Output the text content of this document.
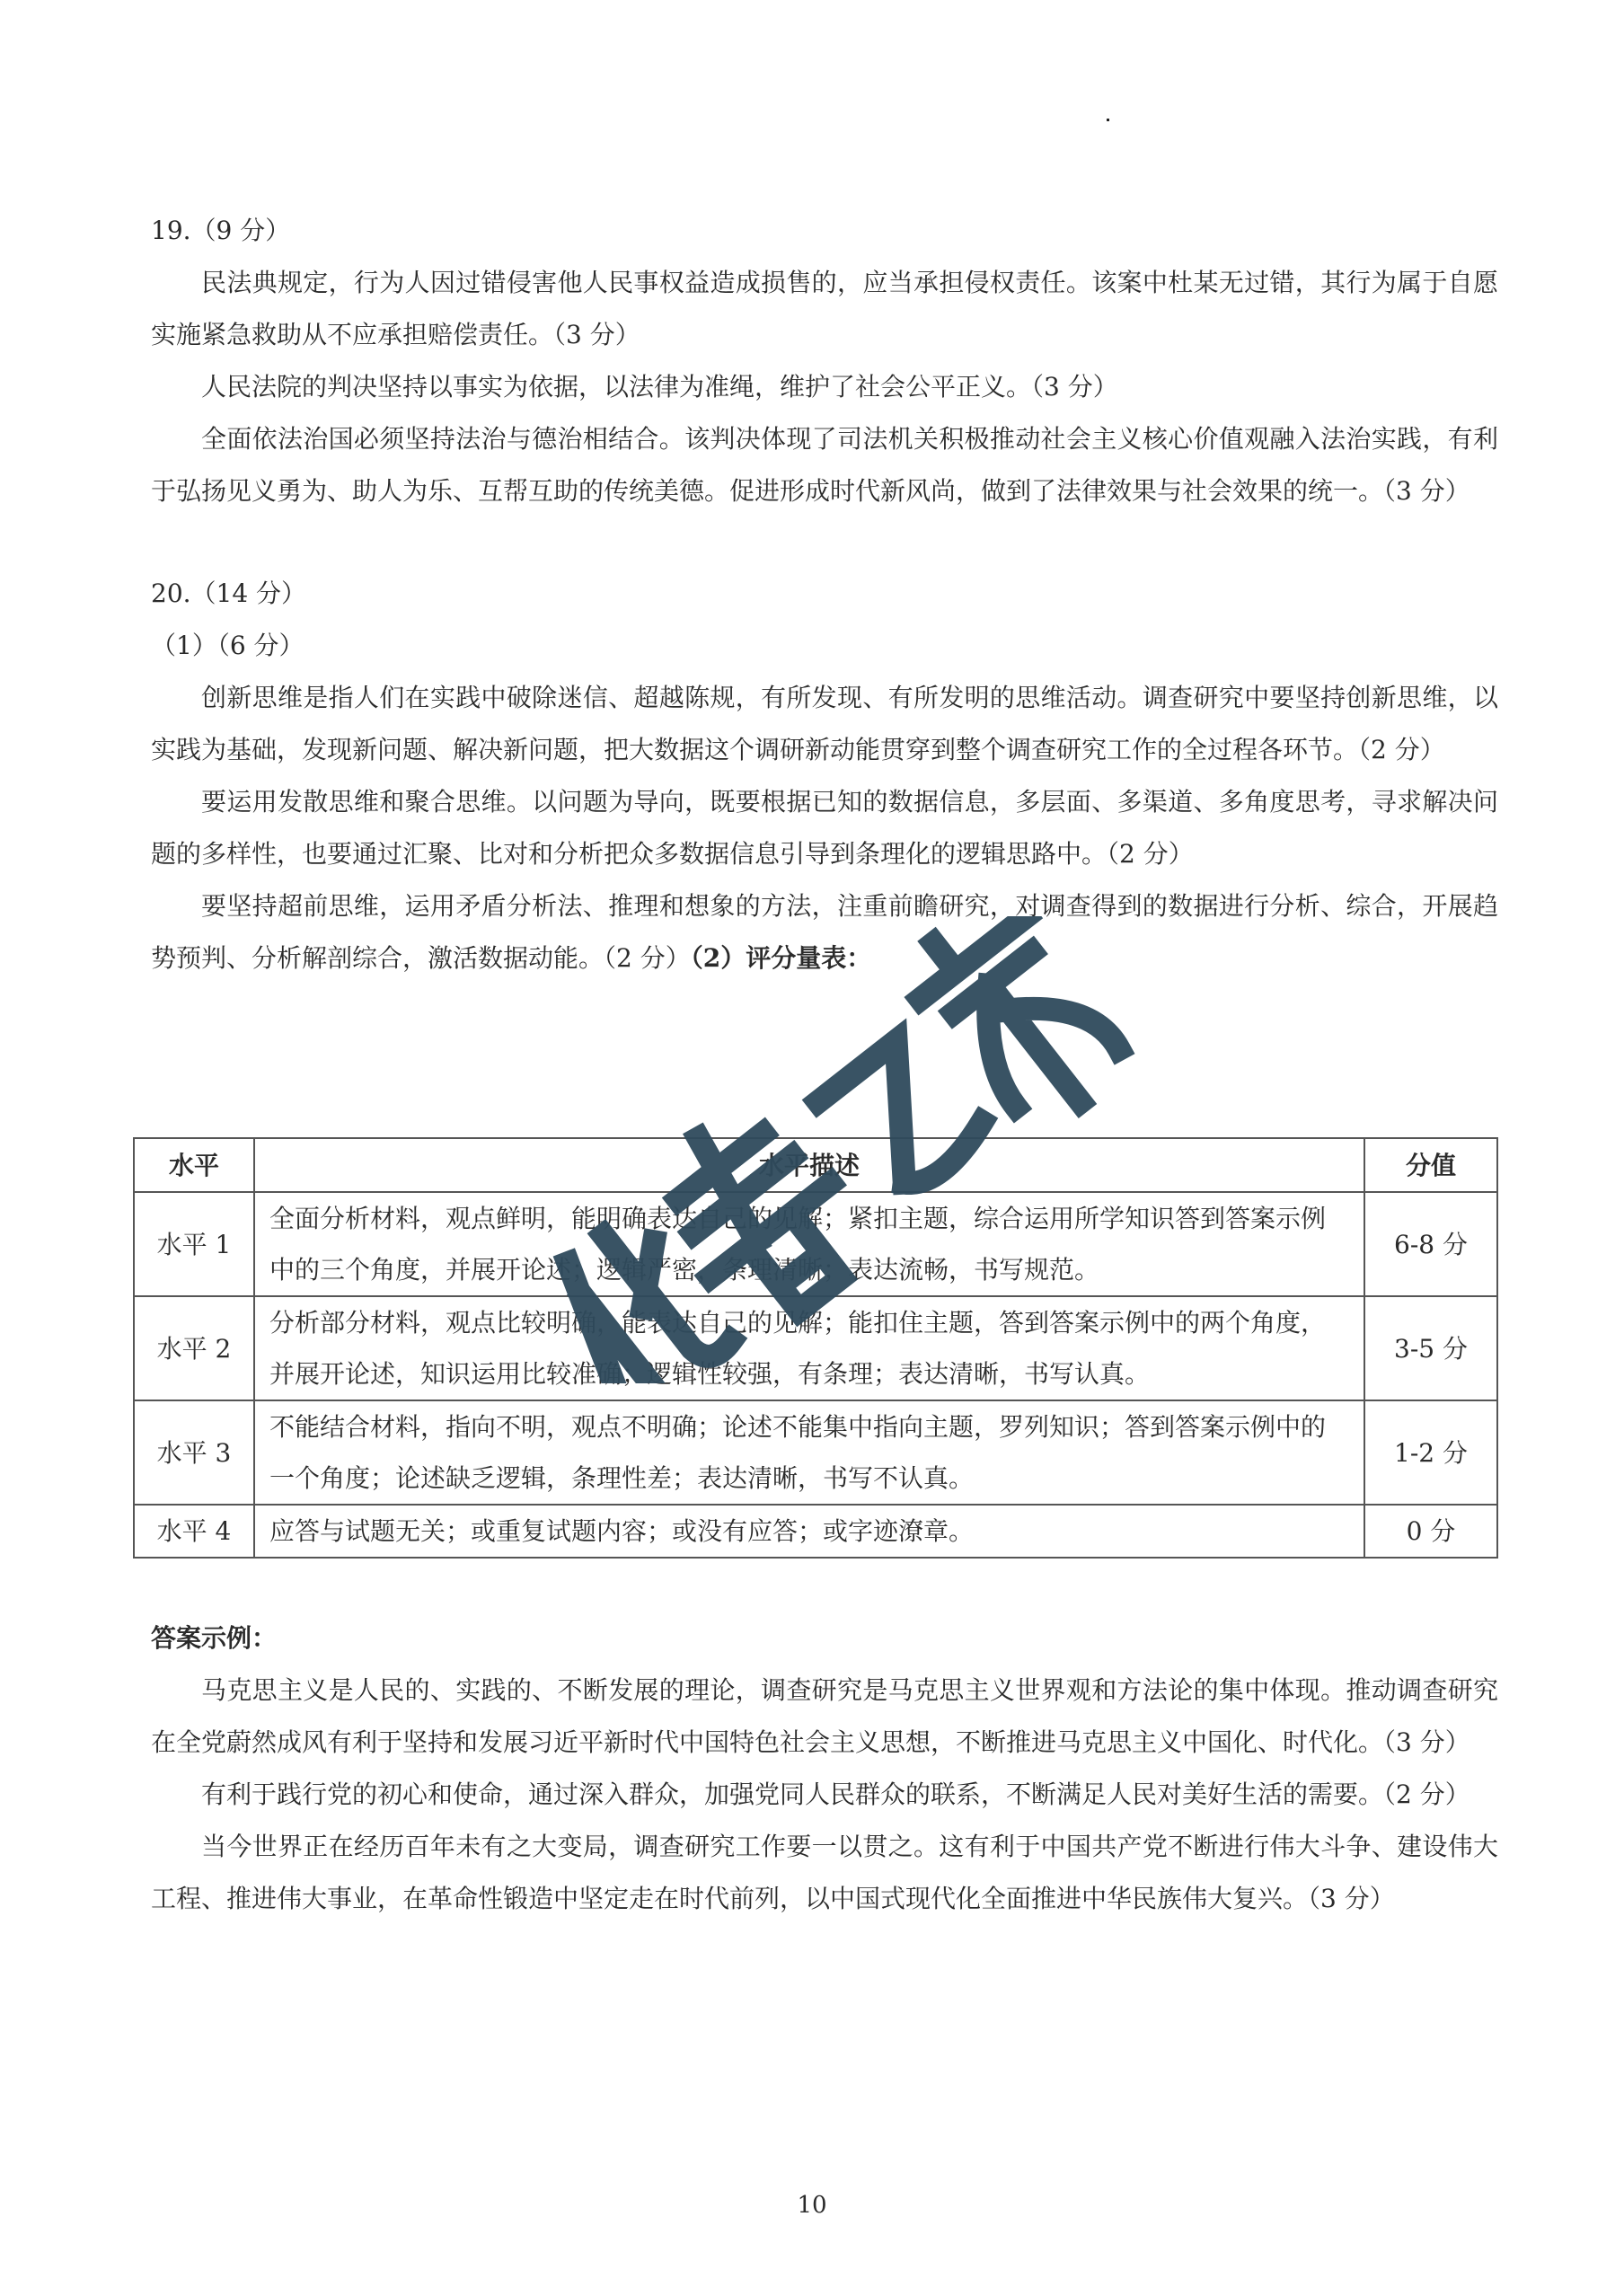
19.（9 分）

民法典规定，行为人因过错侵害他人民事权益造成损售的，应当承担侵权责任。该案中杜某无过错，其行为属于自愿实施紧急救助从不应承担赔偿责任。（3 分）

人民法院的判决坚持以事实为依据，以法律为准绳，维护了社会公平正义。（3 分）

全面依法治国必须坚持法治与德治相结合。该判决体现了司法机关积极推动社会主义核心价值观融入法治实践，有利于弘扬见义勇为、助人为乐、互帮互助的传统美德。促进形成时代新风尚，做到了法律效果与社会效果的统一。（3 分）

20.（14 分）

（1）（6 分）

创新思维是指人们在实践中破除迷信、超越陈规，有所发现、有所发明的思维活动。调查研究中要坚持创新思维，以实践为基础，发现新问题、解决新问题，把大数据这个调研新动能贯穿到整个调查研究工作的全过程各环节。（2 分）

要运用发散思维和聚合思维。以问题为导向，既要根据已知的数据信息，多层面、多渠道、多角度思考，寻求解决问题的多样性，也要通过汇聚、比对和分析把众多数据信息引导到条理化的逻辑思路中。（2 分）

要坚持超前思维，运用矛盾分析法、推理和想象的方法，注重前瞻研究，对调查得到的数据进行分析、综合，开展趋势预判、分析解剖综合，激活数据动能。（2 分）（2）评分量表：

水平	水平描述	分值
水平 1	全面分析材料，观点鲜明，能明确表达自己的见解；紧扣主题，综合运用所学知识答到答案示例中的三个角度，并展开论述；逻辑严密，条理清晰；表达流畅，书写规范。	6-8 分
水平 2	分析部分材料，观点比较明确，能表达自己的见解；能扣住主题，答到答案示例中的两个角度，并展开论述，知识运用比较准确；逻辑性较强，有条理；表达清晰，书写认真。	3-5 分
水平 3	不能结合材料，指向不明，观点不明确；论述不能集中指向主题，罗列知识；答到答案示例中的一个角度；论述缺乏逻辑，条理性差；表达清晰，书写不认真。	1-2 分
水平 4	应答与试题无关；或重复试题内容；或没有应答；或字迹潦章。	0 分

答案示例：

马克思主义是人民的、实践的、不断发展的理论，调查研究是马克思主义世界观和方法论的集中体现。推动调查研究在全党蔚然成风有利于坚持和发展习近平新时代中国特色社会主义思想，不断推进马克思主义中国化、时代化。（3 分）

有利于践行党的初心和使命，通过深入群众，加强党同人民群众的联系，不断满足人民对美好生活的需要。（2 分）

当今世界正在经历百年未有之大变局，调查研究工作要一以贯之。这有利于中国共产党不断进行伟大斗争、建设伟大工程、推进伟大事业，在革命性锻造中坚定走在时代前列，以中国式现代化全面推进中华民族伟大复兴。（3 分）

10
